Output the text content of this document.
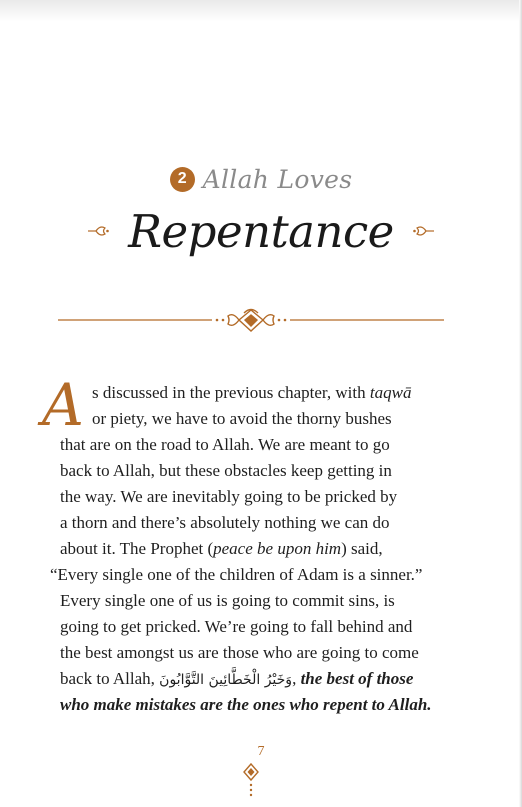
2 Allah Loves
Repentance
A s discussed in the previous chapter, with taqwā
or piety, we have to avoid the thorny bushes
that are on the road to Allah. We are meant to go
back to Allah, but these obstacles keep getting in
the way. We are inevitably going to be pricked by
a thorn and there’s absolutely nothing we can do
about it. The Prophet (peace be upon him) said,
“Every single one of the children of Adam is a sinner.”
Every single one of us is going to commit sins, is
going to get pricked. We’re going to fall behind and
the best amongst us are those who are going to come
back to Allah, وَخَيْرُ الْخَطَّائِينَ التَّوَّابُونَ, the best of those
who make mistakes are the ones who repent to Allah.
7
